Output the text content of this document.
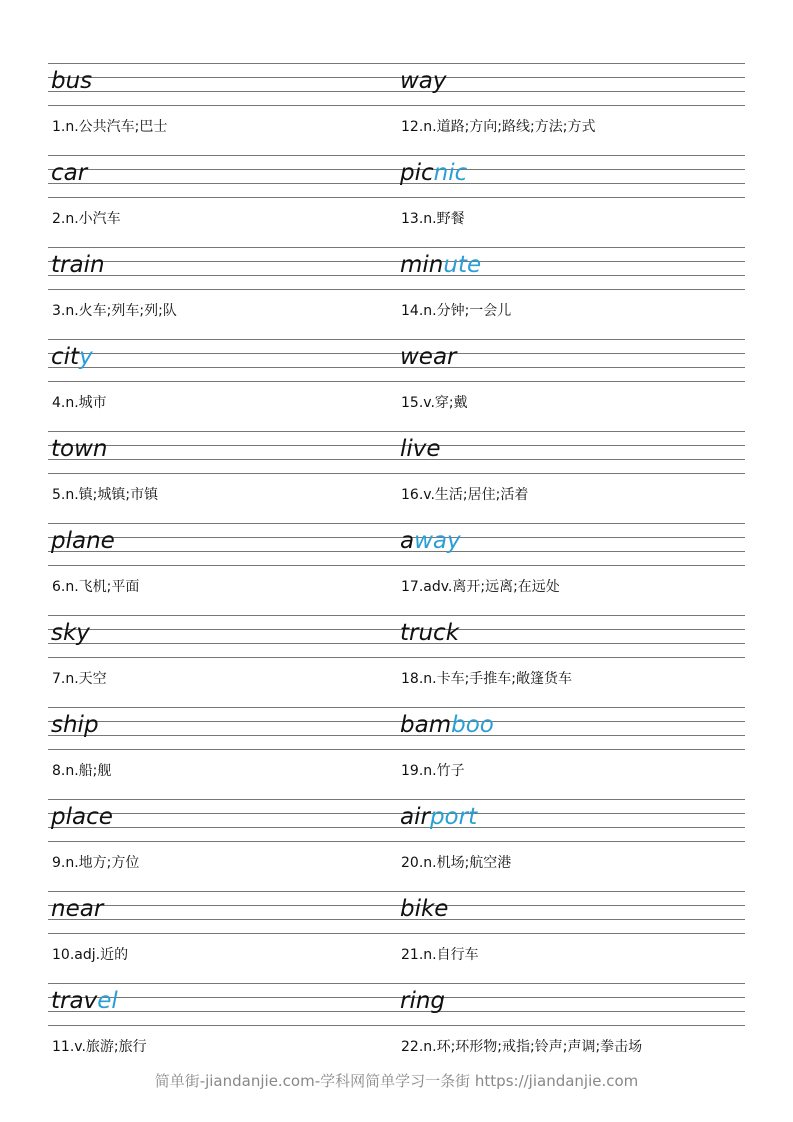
bus
1.n.公共汽车;巴士
way
12.n.道路;方向;路线;方法;方式
car
2.n.小汽车
picnic
13.n.野餐
train
3.n.火车;列车;列;队
minute
14.n.分钟;一会儿
city
4.n.城市
wear
15.v.穿;戴
town
5.n.镇;城镇;市镇
live
16.v.生活;居住;活着
plane
6.n.飞机;平面
away
17.adv.离开;远离;在远处
sky
7.n.天空
truck
18.n.卡车;手推车;敞篷货车
ship
8.n.船;舰
bamboo
19.n.竹子
place
9.n.地方;方位
airport
20.n.机场;航空港
near
10.adj.近的
bike
21.n.自行车
travel
11.v.旅游;旅行
ring
22.n.环;环形物;戒指;铃声;声调;拳击场
简单街-jiandanjie.com-学科网简单学习一条街 https://jiandanjie.com
